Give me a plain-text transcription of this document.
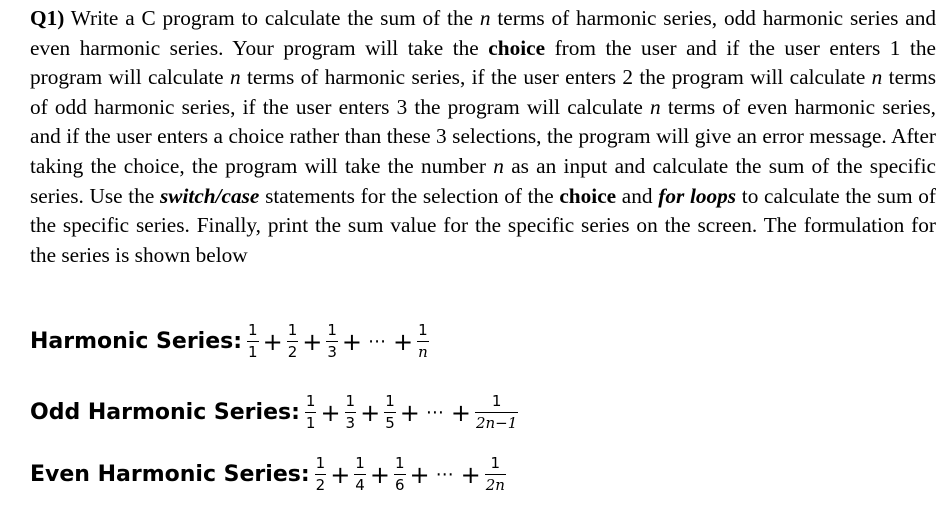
Q1) Write a C program to calculate the sum of the n terms of harmonic series, odd harmonic series and even harmonic series. Your program will take the choice from the user and if the user enters 1 the program will calculate n terms of harmonic series, if the user enters 2 the program will calculate n terms of odd harmonic series, if the user enters 3 the program will calculate n terms of even harmonic series, and if the user enters a choice rather than these 3 selections, the program will give an error message. After taking the choice, the program will take the number n as an input and calculate the sum of the specific series. Use the switch/case statements for the selection of the choice and for loops to calculate the sum of the specific series. Finally, print the sum value for the specific series on the screen. The formulation for the series is shown below
Harmonic Series: $\frac{1}{1} + \frac{1}{2} + \frac{1}{3}$ + ⋯ + $\frac{1}{n}$
Odd Harmonic Series: $\frac{1}{1} + \frac{1}{3} + \frac{1}{5}$ + ⋯ + $\frac{1}{2n-1}$
Even Harmonic Series: $\frac{1}{2} + \frac{1}{4} + \frac{1}{6}$ + ⋯ + $\frac{1}{2n}$
